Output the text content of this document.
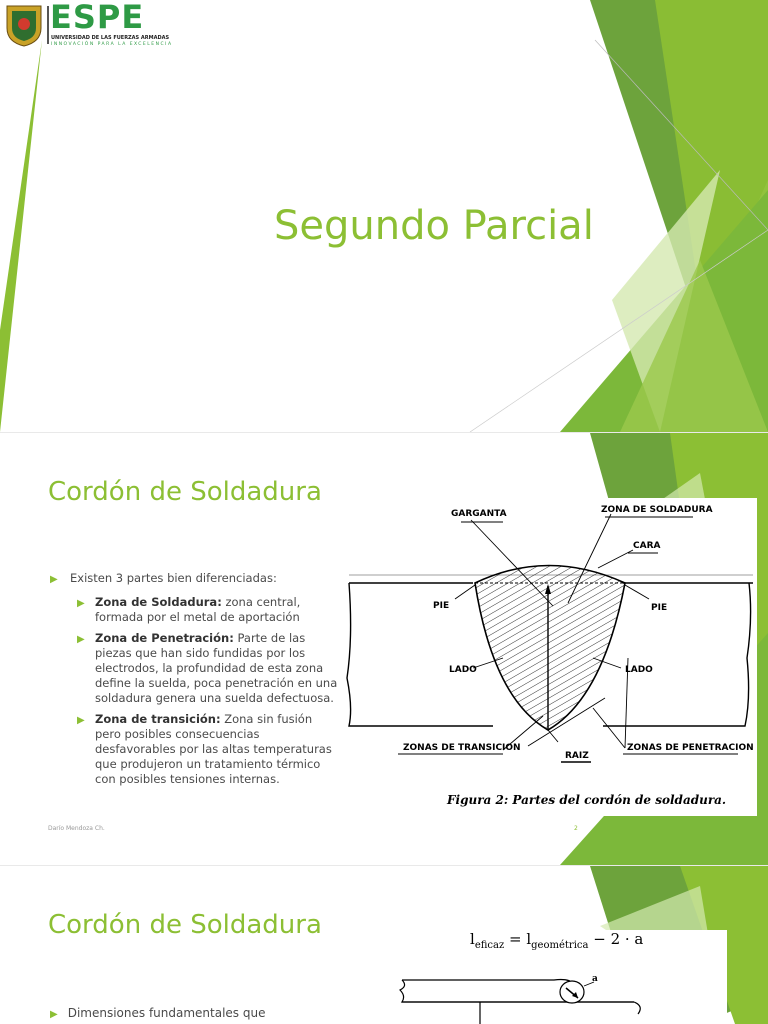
ESPE
UNIVERSIDAD DE LAS FUERZAS ARMADAS
INNOVACIÓN PARA LA EXCELENCIA
Segundo Parcial
Cordón de Soldadura
▶ Existen 3 partes bien diferenciadas:
▶ Zona de Soldadura: zona central, formada por el metal de aportación
▶ Zona de Penetración: Parte de las piezas que han sido fundidas por los electrodos, la profundidad de esta zona define la suelda, poca penetración en una soldadura genera una suelda defectuosa.
▶ Zona de transición: Zona sin fusión pero posibles consecuencias desfavorables por las altas temperaturas que produjeron un tratamiento térmico con posibles tensiones internas.
GARGANTA	ZONA DE SOLDADURA
CARA
PIE	PIE
LADO	LADO
ZONAS DE TRANSICION
RAIZ
ZONAS DE PENETRACION
Figura 2: Partes del cordón de soldadura.
Darío Mendoza Ch.	2
Cordón de Soldadura	$l_{eficaz} = l_{geométrica} - 2 \cdot a$
a
▶ Dimensiones fundamentales que
